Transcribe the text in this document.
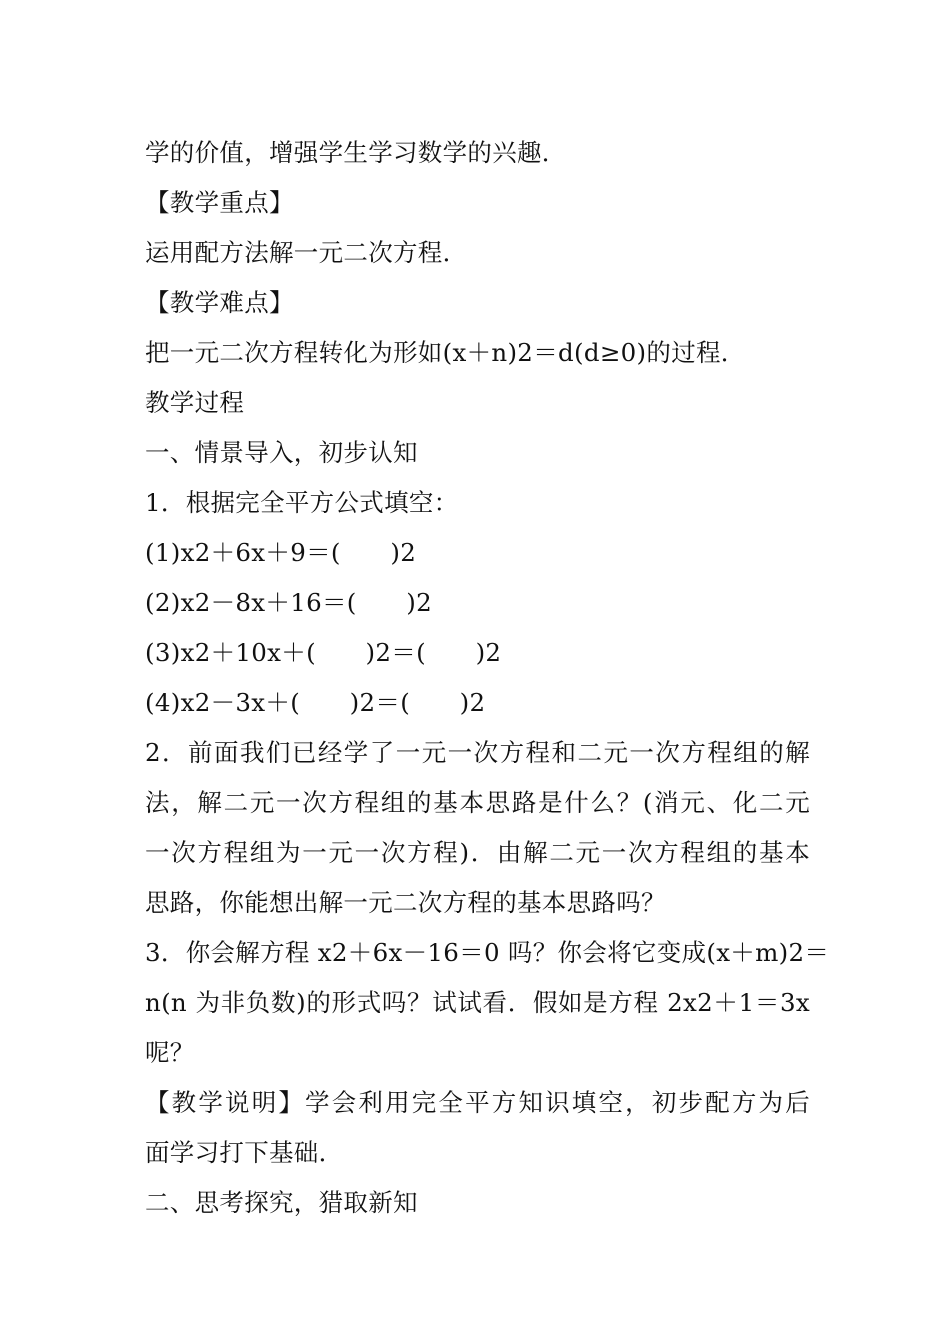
学的价值，增强学生学习数学的兴趣．
【教学重点】
运用配方法解一元二次方程．
【教学难点】
把一元二次方程转化为形如(x＋n)2＝d(d≥0)的过程．
教学过程
一、情景导入，初步认知
1．根据完全平方公式填空：
(1)x2＋6x＋9＝(　　)2
(2)x2－8x＋16＝(　　)2
(3)x2＋10x＋(　　)2＝(　　)2
(4)x2－3x＋(　　)2＝(　　)2
2．前面我们已经学了一元一次方程和二元一次方程组的解
法，解二元一次方程组的基本思路是什么？(消元、化二元
一次方程组为一元一次方程)．由解二元一次方程组的基本
思路，你能想出解一元二次方程的基本思路吗？
3．你会解方程 x2＋6x－16＝0 吗？你会将它变成(x＋m)2＝
n(n 为非负数)的形式吗？试试看．假如是方程 2x2＋1＝3x
呢？
【教学说明】学会利用完全平方知识填空，初步配方为后
面学习打下基础．
二、思考探究，猎取新知
